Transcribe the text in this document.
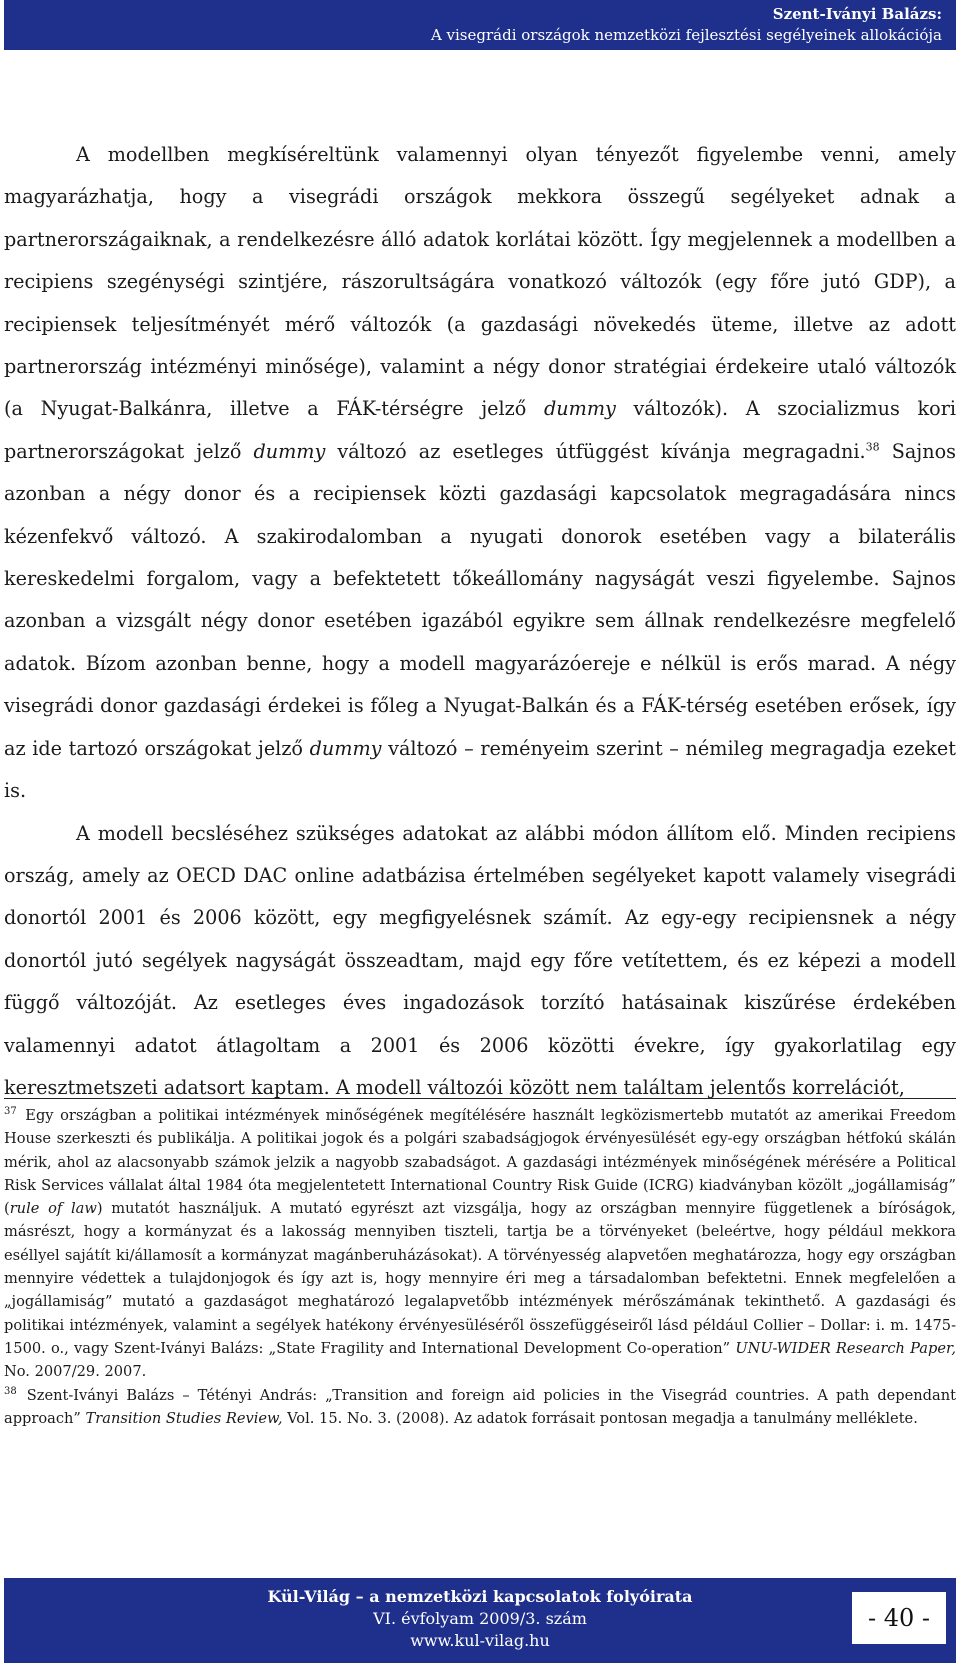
Szent-Iványi Balázs:
A visegrádi országok nemzetközi fejlesztési segélyeinek allokációja

A modellben megkíséreltünk valamennyi olyan tényezőt figyelembe venni, amely magyarázhatja, hogy a visegrádi országok mekkora összegű segélyeket adnak a partnerországaiknak, a rendelkezésre álló adatok korlátai között. Így megjelennek a modellben a recipiens szegénységi szintjére, rászorultságára vonatkozó változók (egy főre jutó GDP), a recipiensek teljesítményét mérő változók (a gazdasági növekedés üteme, illetve az adott partnerország intézményi minősége), valamint a négy donor stratégiai érdekeire utaló változók (a Nyugat-Balkánra, illetve a FÁK-térségre jelző dummy változók). A szocializmus kori partnerországokat jelző dummy változó az esetleges útfüggést kívánja megragadni.$^{38}$ Sajnos azonban a négy donor és a recipiensek közti gazdasági kapcsolatok megragadására nincs kézenfekvő változó. A szakirodalomban a nyugati donorok esetében vagy a bilaterális kereskedelmi forgalom, vagy a befektetett tőkeállomány nagyságát veszi figyelembe. Sajnos azonban a vizsgált négy donor esetében igazából egyikre sem állnak rendelkezésre megfelelő adatok. Bízom azonban benne, hogy a modell magyarázóereje e nélkül is erős marad. A négy visegrádi donor gazdasági érdekei is főleg a Nyugat-Balkán és a FÁK-térség esetében erősek, így az ide tartozó országokat jelző dummy változó – reményeim szerint – némileg megragadja ezeket is.

A modell becsléséhez szükséges adatokat az alábbi módon állítom elő. Minden recipiens ország, amely az OECD DAC online adatbázisa értelmében segélyeket kapott valamely visegrádi donortól 2001 és 2006 között, egy megfigyelésnek számít. Az egy-egy recipiensnek a négy donortól jutó segélyek nagyságát összeadtam, majd egy főre vetítettem, és ez képezi a modell függő változóját. Az esetleges éves ingadozások torzító hatásainak kiszűrése érdekében valamennyi adatot átlagoltam a 2001 és 2006 közötti évekre, így gyakorlatilag egy keresztmetszeti adatsort kaptam. A modell változói között nem találtam jelentős korrelációt,

$^{37}$ Egy országban a politikai intézmények minőségének megítélésére használt legközismertebb mutatót az amerikai Freedom House szerkeszti és publikálja. A politikai jogok és a polgári szabadságjogok érvényesülését egy-egy országban hétfokú skálán mérik, ahol az alacsonyabb számok jelzik a nagyobb szabadságot. A gazdasági intézmények minőségének mérésére a Political Risk Services vállalat által 1984 óta megjelentetett International Country Risk Guide (ICRG) kiadványban közölt „jogállamiság” (rule of law) mutatót használjuk. A mutató egyrészt azt vizsgálja, hogy az országban mennyire függetlenek a bíróságok, másrészt, hogy a kormányzat és a lakosság mennyiben tiszteli, tartja be a törvényeket (beleértve, hogy például mekkora eséllyel sajátít ki/államosít a kormányzat magánberuházásokat). A törvényesség alapvetően meghatározza, hogy egy országban mennyire védettek a tulajdonjogok és így azt is, hogy mennyire éri meg a társadalomban befektetni. Ennek megfelelően a „jogállamiság” mutató a gazdaságot meghatározó legalapvetőbb intézmények mérőszámának tekinthető. A gazdasági és politikai intézmények, valamint a segélyek hatékony érvényesüléséről összefüggéseiről lásd például Collier – Dollar: i. m. 1475-1500. o., vagy Szent-Iványi Balázs: „State Fragility and International Development Co-operation” UNU-WIDER Research Paper, No. 2007/29. 2007.

$^{38}$ Szent-Iványi Balázs – Tétényi András: „Transition and foreign aid policies in the Visegrád countries. A path dependant approach” Transition Studies Review, Vol. 15. No. 3. (2008). Az adatok forrásait pontosan megadja a tanulmány melléklete.

Kül-Világ – a nemzetközi kapcsolatok folyóirata
VI. évfolyam 2009/3. szám
www.kul-vilag.hu
- 40 -
